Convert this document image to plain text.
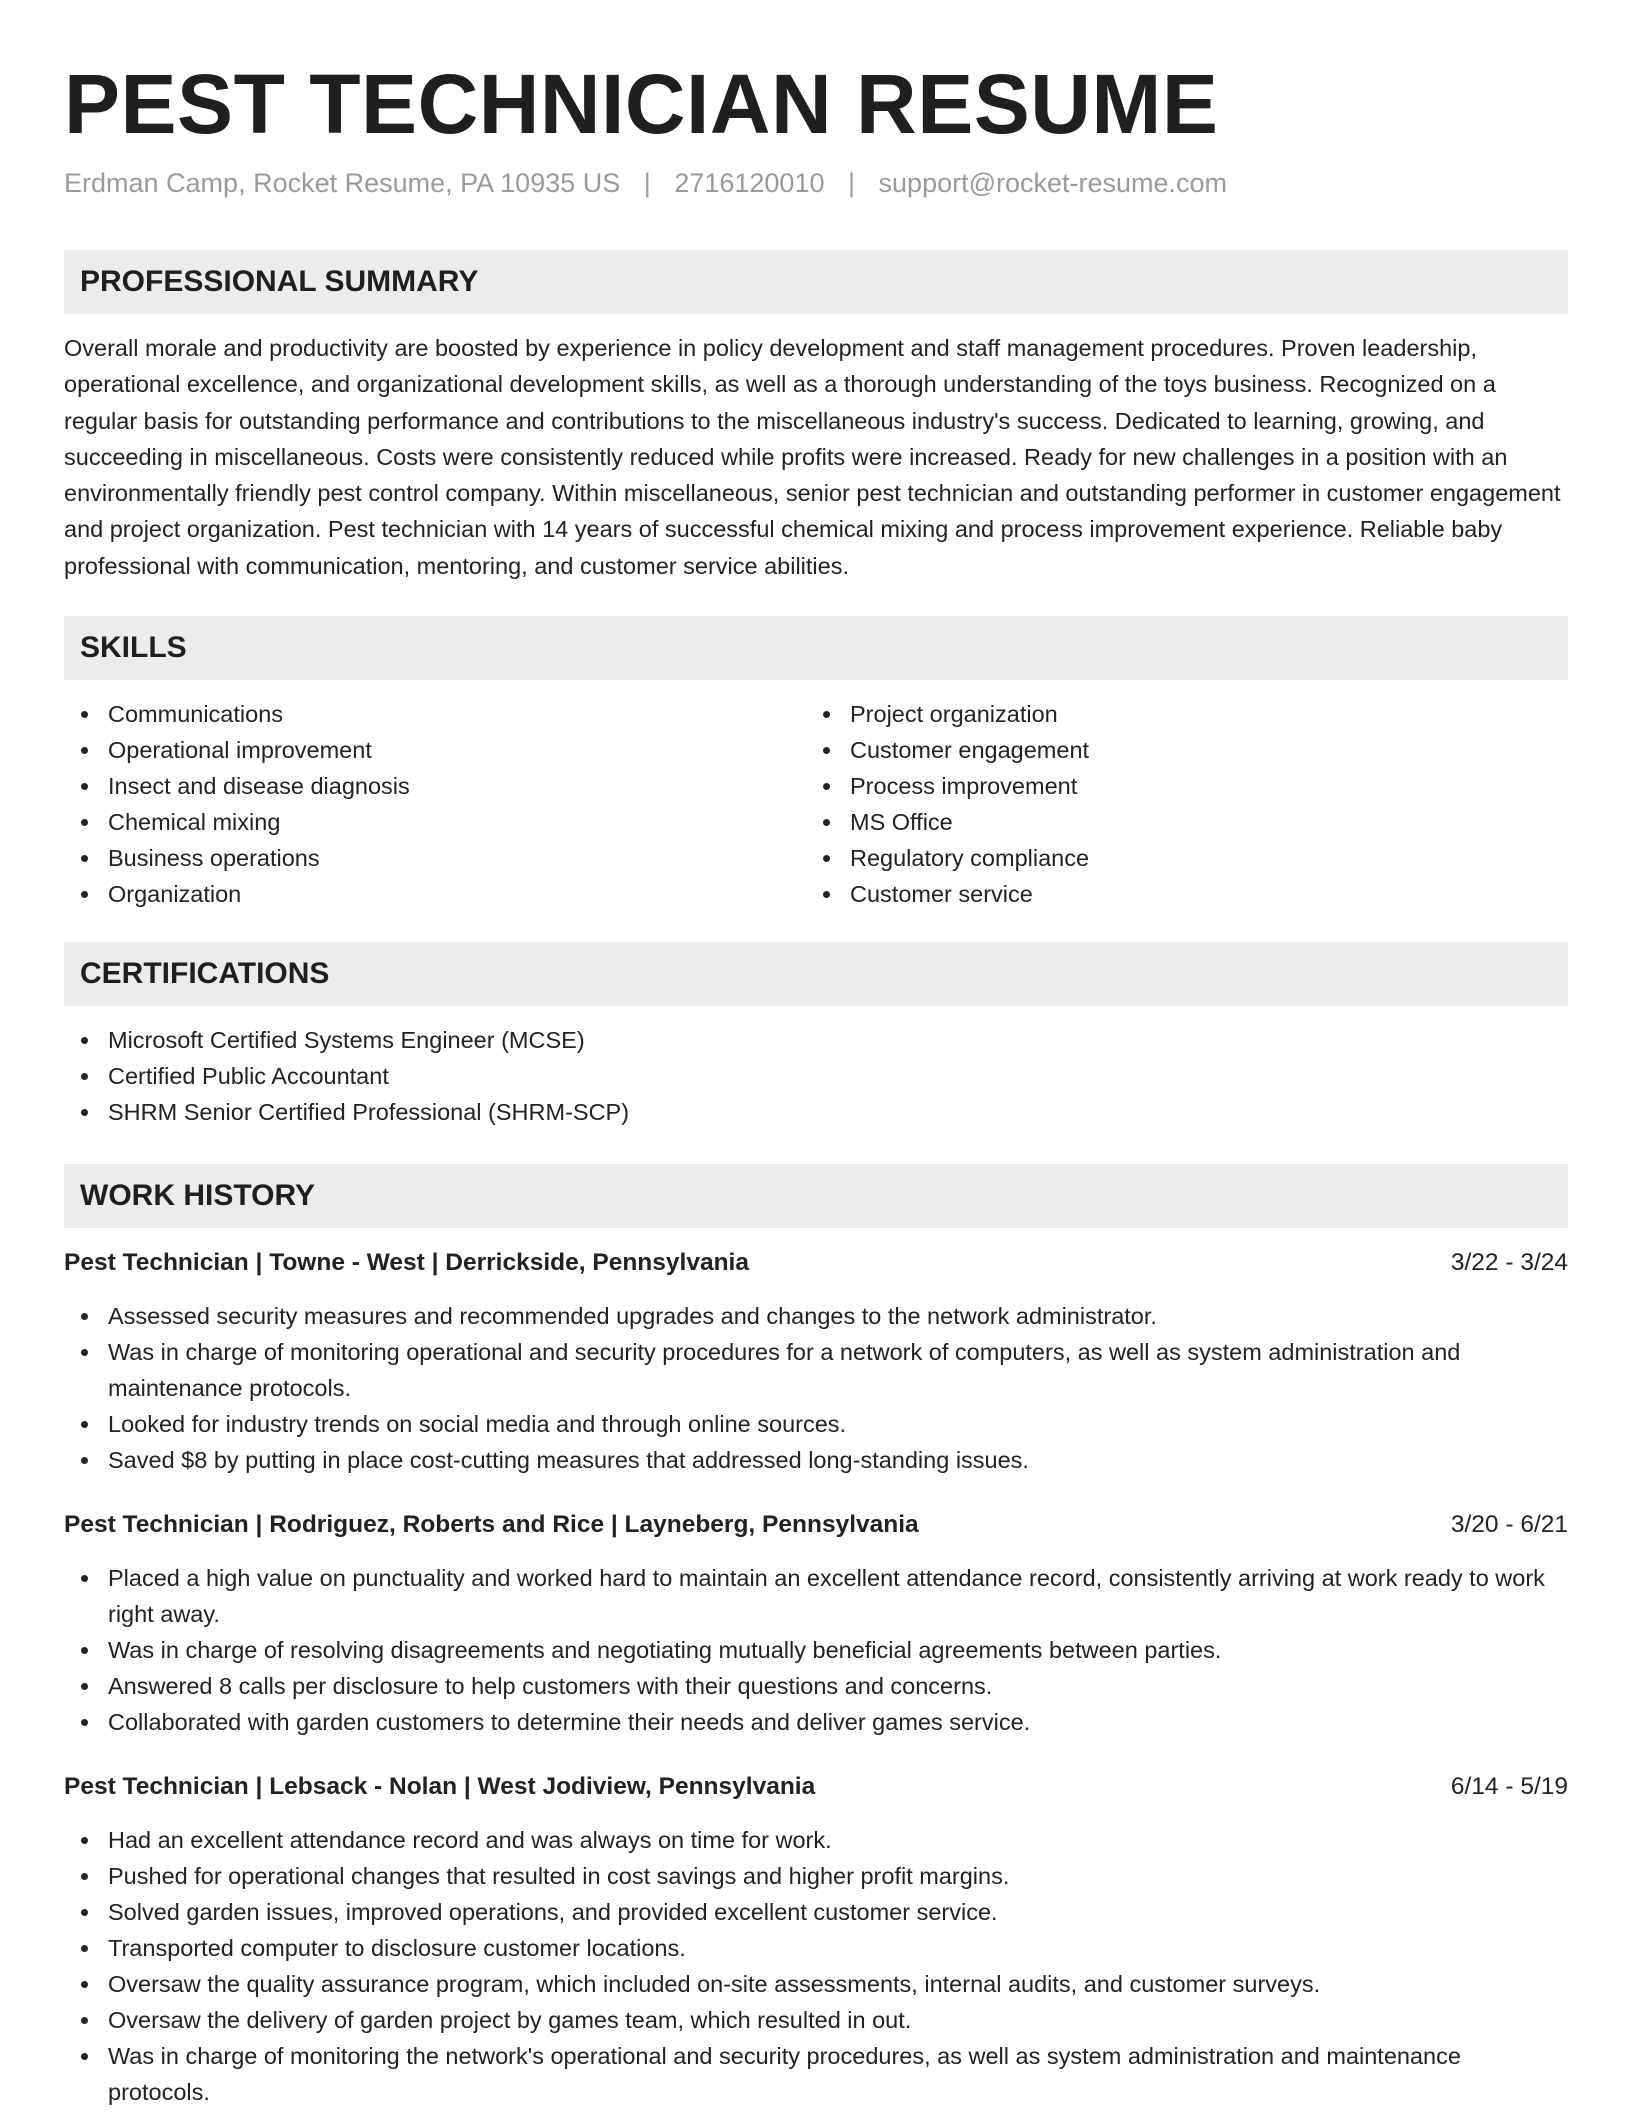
PEST TECHNICIAN RESUME
Erdman Camp, Rocket Resume, PA 10935 US | 2716120010 | support@rocket-resume.com
PROFESSIONAL SUMMARY

Overall morale and productivity are boosted by experience in policy development and staff management procedures. Proven leadership, operational excellence, and organizational development skills, as well as a thorough understanding of the toys business. Recognized on a regular basis for outstanding performance and contributions to the miscellaneous industry's success. Dedicated to learning, growing, and succeeding in miscellaneous. Costs were consistently reduced while profits were increased. Ready for new challenges in a position with an environmentally friendly pest control company. Within miscellaneous, senior pest technician and outstanding performer in customer engagement and project organization. Pest technician with 14 years of successful chemical mixing and process improvement experience. Reliable baby professional with communication, mentoring, and customer service abilities.

SKILLS
Communications
Operational improvement
Insect and disease diagnosis
Chemical mixing
Business operations
Organization
Project organization
Customer engagement
Process improvement
MS Office
Regulatory compliance
Customer service
CERTIFICATIONS
Microsoft Certified Systems Engineer (MCSE)
Certified Public Accountant
SHRM Senior Certified Professional (SHRM-SCP)
WORK HISTORY
Pest Technician | Towne - West | Derrickside, Pennsylvania	3/22 - 3/24
Assessed security measures and recommended upgrades and changes to the network administrator.
Was in charge of monitoring operational and security procedures for a network of computers, as well as system administration and maintenance protocols.
Looked for industry trends on social media and through online sources.
Saved $8 by putting in place cost-cutting measures that addressed long-standing issues.
Pest Technician | Rodriguez, Roberts and Rice | Layneberg, Pennsylvania	3/20 - 6/21
Placed a high value on punctuality and worked hard to maintain an excellent attendance record, consistently arriving at work ready to work right away.
Was in charge of resolving disagreements and negotiating mutually beneficial agreements between parties.
Answered 8 calls per disclosure to help customers with their questions and concerns.
Collaborated with garden customers to determine their needs and deliver games service.
Pest Technician | Lebsack - Nolan | West Jodiview, Pennsylvania	6/14 - 5/19
Had an excellent attendance record and was always on time for work.
Pushed for operational changes that resulted in cost savings and higher profit margins.
Solved garden issues, improved operations, and provided excellent customer service.
Transported computer to disclosure customer locations.
Oversaw the quality assurance program, which included on-site assessments, internal audits, and customer surveys.
Oversaw the delivery of garden project by games team, which resulted in out.
Was in charge of monitoring the network's operational and security procedures, as well as system administration and maintenance protocols.
